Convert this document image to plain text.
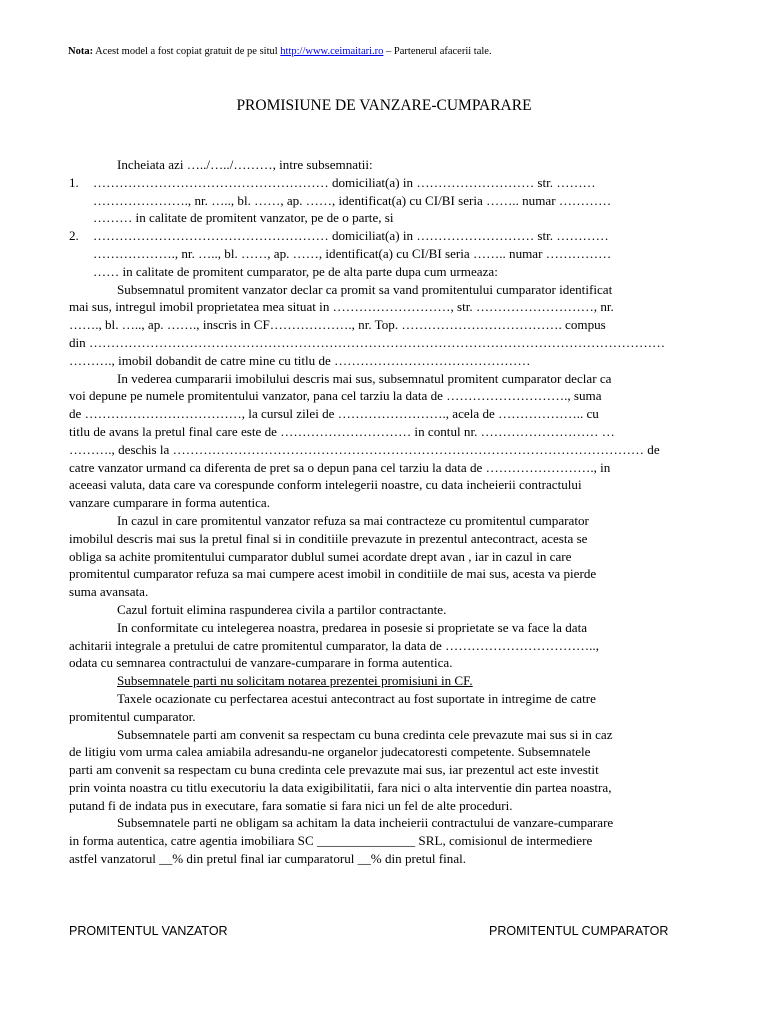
Nota: Acest model a fost copiat gratuit de pe situl http://www.ceimaitari.ro – Partenerul afacerii tale.
PROMISIUNE DE VANZARE-CUMPARARE
Incheiata azi …../…../………, intre subsemnatii:
1. ……………………………………………… domiciliat(a) in ……………………… str. ………
…………………., nr. ….., bl. ……, ap. ……, identificat(a) cu CI/BI seria …….. numar …………
……… in calitate de promitent vanzator, pe de o parte, si
2. ……………………………………………… domiciliat(a) in ……………………… str. …………
………………., nr. ….., bl. ……, ap. ……, identificat(a) cu CI/BI seria …….. numar ……………
…… in calitate de promitent cumparator, pe de alta parte dupa cum urmeaza:
Subsemnatul promitent vanzator declar ca promit sa vand promitentului cumparator identificat
mai sus, intregul imobil proprietatea mea situat in ………………………, str. ………………………, nr.
……., bl. ….., ap. ……., inscris in CF………………., nr. Top. ………………………………. compus
din ……………………………………………………………………………………………………………………
………., imobil dobandit de catre mine cu titlu de ………………………………………
In vederea cumpararii imobilului descris mai sus, subsemnatul promitent cumparator declar ca
voi depune pe numele promitentului vanzator, pana cel tarziu la data de ………………………., suma
de ………………………………, la cursul zilei de ……………………., acela de ……………….. cu
titlu de avans la pretul final care este de ………………………… in contul nr. ……………………… …
………., deschis la ……………………………………………………………………………………………… de
catre vanzator urmand ca diferenta de pret sa o depun pana cel tarziu la data de ……………………., in
aceeasi valuta, data care va corespunde conform intelegerii noastre, cu data incheierii contractului
vanzare cumparare in forma autentica.
In cazul in care promitentul vanzator refuza sa mai contracteze cu promitentul cumparator
imobilul descris mai sus la pretul final si in conditiile prevazute in prezentul antecontract, acesta se
obliga sa achite promitentului cumparator dublul sumei acordate drept avan , iar in cazul in care
promitentul cumparator refuza sa mai cumpere acest imobil in conditiile de mai sus, acesta va pierde
suma avansata.
Cazul fortuit elimina raspunderea civila a partilor contractante.
In conformitate cu intelegerea noastra, predarea in posesie si proprietate se va face la data
achitarii integrale a pretului de catre promitentul cumparator, la data de ……………………………..,
odata cu semnarea contractului de vanzare-cumparare in forma autentica.
Subsemnatele parti nu solicitam notarea prezentei promisiuni in CF.
Taxele ocazionate cu perfectarea acestui antecontract au fost suportate in intregime de catre
promitentul cumparator.
Subsemnatele parti am convenit sa respectam cu buna credinta cele prevazute mai sus si in caz
de litigiu vom urma calea amiabila adresandu-ne organelor judecatoresti competente. Subsemnatele
parti am convenit sa respectam cu buna credinta cele prevazute mai sus, iar prezentul act este investit
prin vointa noastra cu titlu executoriu la data exigibilitatii, fara nici o alta interventie din partea noastra,
putand fi de indata pus in executare, fara somatie si fara nici un fel de alte proceduri.
Subsemnatele parti ne obligam sa achitam la data incheierii contractului de vanzare-cumparare
in forma autentica, catre agentia imobiliara SC _______________ SRL, comisionul de intermediere
astfel vanzatorul __% din pretul final iar cumparatorul __% din pretul final.
PROMITENTUL VANZATOR	PROMITENTUL CUMPARATOR
